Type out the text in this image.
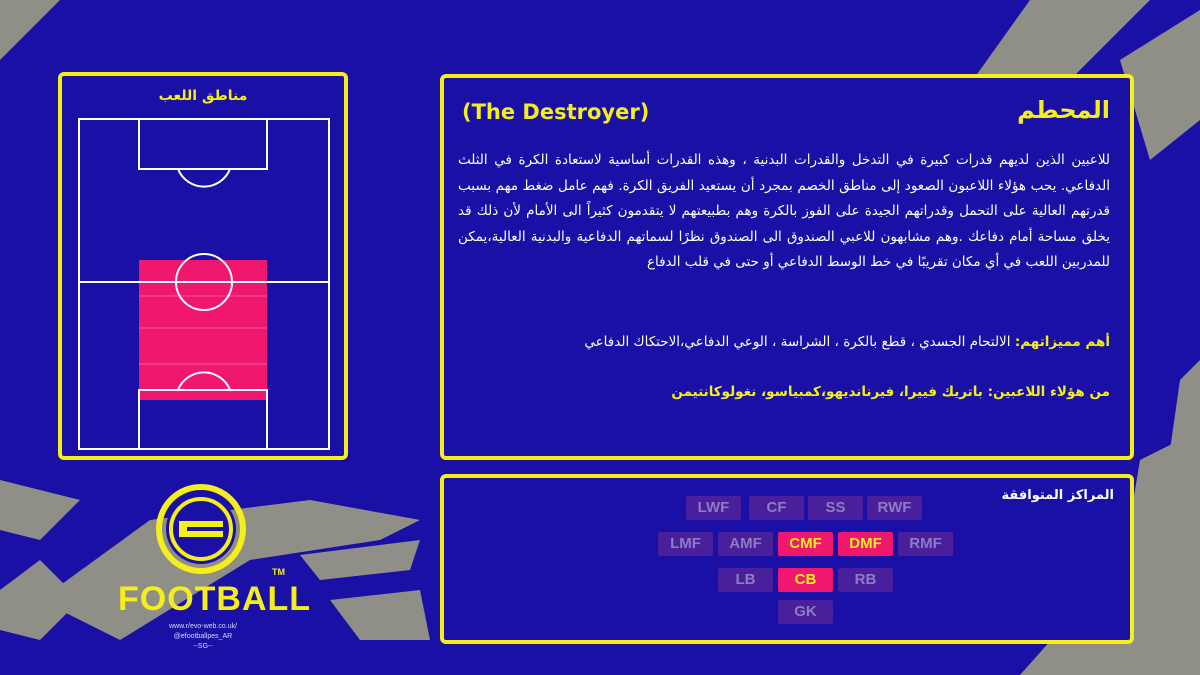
مناطق اللعب	المحطم
(The Destroyer)

للاعبين الذين لديهم قدرات كبيرة في التدخل والقدرات البدنية ، وهذه القدرات أساسية لاستعادة الكرة في الثلث الدفاعي. يحب هؤلاء اللاعبون الصعود إلى مناطق الخصم بمجرد أن يستعيد الفريق الكرة. فهم عامل ضغط مهم بسبب قدرتهم العالية على التحمل وقدراتهم الجيدة على الفوز بالكرة وهم بطبيعتهم لا يتقدمون كثيراً الى الأمام لأن ذلك قد يخلق مساحة أمام دفاعك .وهم مشابهون للاعبي الصندوق الى الصندوق نظرًا لسماتهم الدفاعية والبدنية العالية،يمكن للمدربين اللعب في أي مكان تقريبًا في خط الوسط الدفاعي أو حتى في قلب الدفاع

أهم مميزاتهم: الالتحام الجسدي ، قطع بالكرة ، الشراسة ، الوعي الدفاعي،الاحتكاك الدفاعي

من هؤلاء اللاعبين: باتريك فييرا، فيرنانديهو،كمبياسو، نغولوكانتيمن

المراكز المتوافقة
LWF	CF	SS	RWF
LMF	AMF	CMF	DMF	RMF
LB	CB	RB
GK
TM
FOOTBALL
www.r/evo-web.co.uk/
@efootballpes_AR
--SG--
